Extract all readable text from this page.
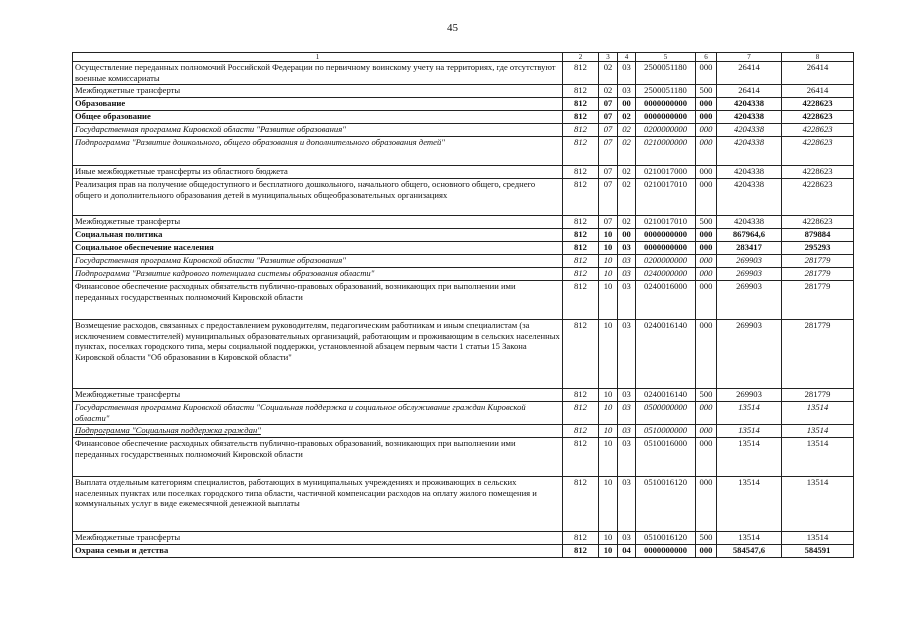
45
1	2	3	4	5	6	7	8
Осуществление переданных полномочий Российской Федерации по первичному воинскому учету на территориях, где отсутствуют военные комиссариаты	812	02	03	2500051180	000	26414	26414
Межбюджетные трансферты	812	02	03	2500051180	500	26414	26414
Образование	812	07	00	0000000000	000	4204338	4228623
Общее образование	812	07	02	0000000000	000	4204338	4228623
Государственная программа Кировской области "Развитие образования"	812	07	02	0200000000	000	4204338	4228623
Подпрограмма "Развитие дошкольного, общего образования и дополнительного образования детей"	812	07	02	0210000000	000	4204338	4228623
Иные межбюджетные трансферты из областного бюджета	812	07	02	0210017000	000	4204338	4228623
Реализация прав на получение общедоступного и бесплатного дошкольного, начального общего, основного общего, среднего общего и дополнительного образования детей в муниципальных общеобразовательных организациях	812	07	02	0210017010	000	4204338	4228623
Межбюджетные трансферты	812	07	02	0210017010	500	4204338	4228623
Социальная политика	812	10	00	0000000000	000	867964,6	879884
Социальное обеспечение населения	812	10	03	0000000000	000	283417	295293
Государственная программа Кировской области "Развитие образования"	812	10	03	0200000000	000	269903	281779
Подпрограмма "Развитие кадрового потенциала системы образования области"	812	10	03	0240000000	000	269903	281779
Финансовое обеспечение расходных обязательств публично-правовых образований, возникающих при выполнении ими переданных государственных полномочий Кировской области	812	10	03	0240016000	000	269903	281779
Возмещение расходов, связанных с предоставлением руководителям, педагогическим работникам и иным специалистам (за исключением совместителей) муниципальных образовательных организаций, работающим и проживающим в сельских населенных пунктах, поселках городского типа, меры социальной поддержки, установленной абзацем первым части 1 статьи 15 Закона Кировской области "Об образовании в Кировской области"	812	10	03	0240016140	000	269903	281779
Межбюджетные трансферты	812	10	03	0240016140	500	269903	281779
Государственная программа Кировской области "Социальная поддержка и социальное обслуживание граждан Кировской области"	812	10	03	0500000000	000	13514	13514
Подпрограмма "Социальная поддержка граждан"	812	10	03	0510000000	000	13514	13514
Финансовое обеспечение расходных обязательств публично-правовых образований, возникающих при выполнении ими переданных государственных полномочий Кировской области	812	10	03	0510016000	000	13514	13514
Выплата отдельным категориям специалистов, работающих в муниципальных учреждениях и проживающих в сельских населенных пунктах или поселках городского типа области, частичной компенсации расходов на оплату жилого помещения и коммунальных услуг в виде ежемесячной денежной выплаты	812	10	03	0510016120	000	13514	13514
Межбюджетные трансферты	812	10	03	0510016120	500	13514	13514
Охрана семьи и детства	812	10	04	0000000000	000	584547,6	584591
